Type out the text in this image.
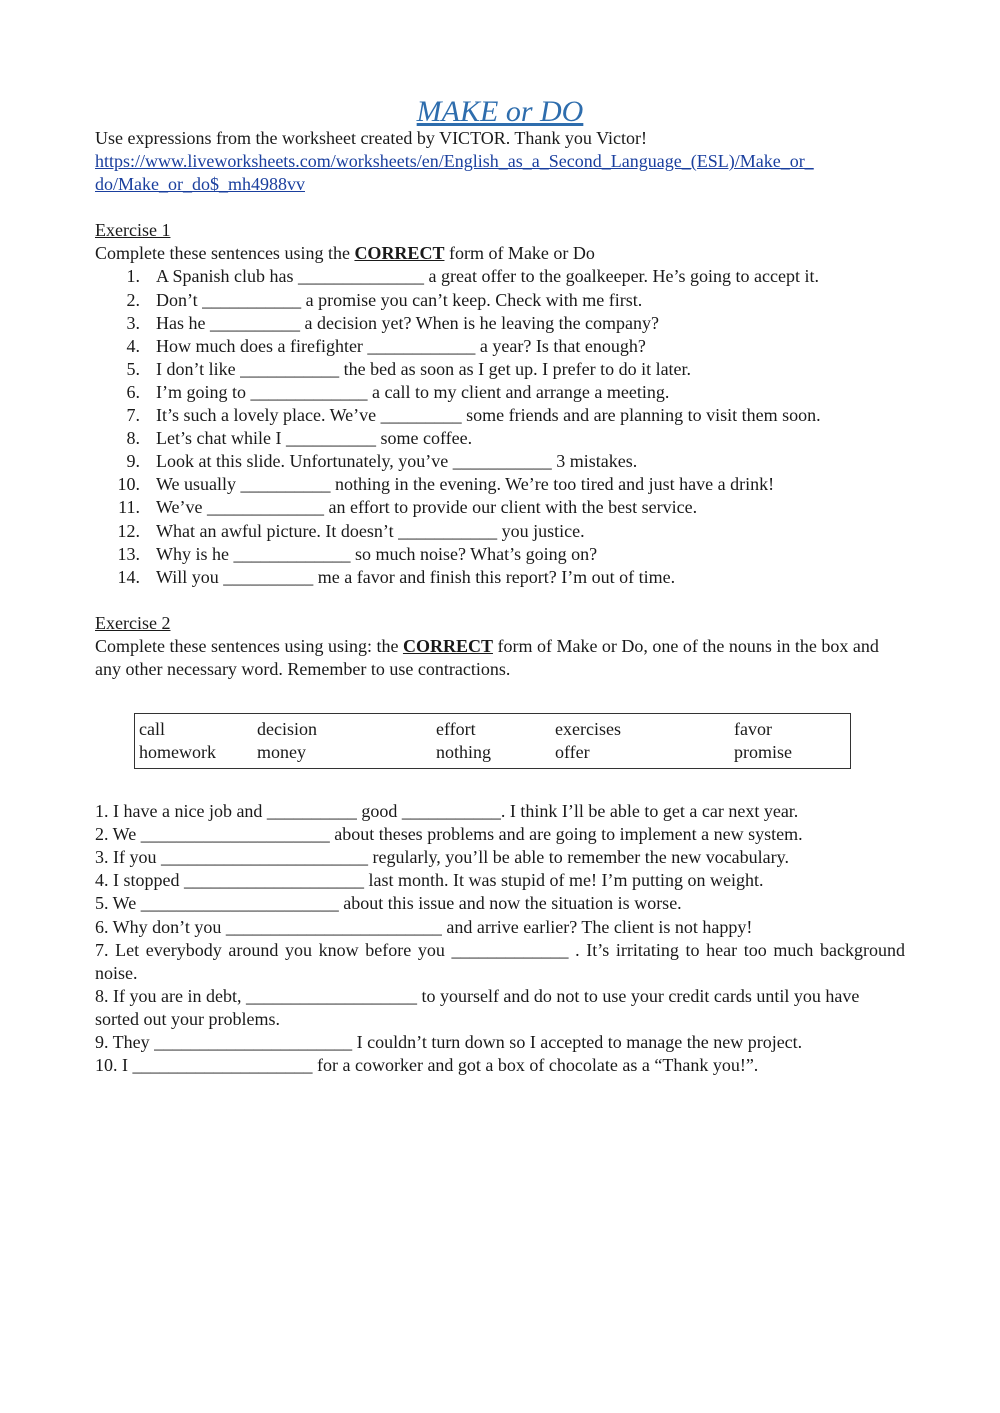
MAKE or DO
Use expressions from the worksheet created by VICTOR. Thank you Victor!
https://www.liveworksheets.com/worksheets/en/English_as_a_Second_Language_(ESL)/Make_or_
do/Make_or_do$_mh4988vv
Exercise 1
Complete these sentences using the CORRECT form of Make or Do
1. A Spanish club has ______________ a great offer to the goalkeeper. He’s going to accept it.
2. Don’t ___________ a promise you can’t keep. Check with me first.
3. Has he __________ a decision yet? When is he leaving the company?
4. How much does a firefighter ____________ a year? Is that enough?
5. I don’t like ___________ the bed as soon as I get up. I prefer to do it later.
6. I’m going to _____________ a call to my client and arrange a meeting.
7. It’s such a lovely place. We’ve _________ some friends and are planning to visit them soon.
8. Let’s chat while I __________ some coffee.
9. Look at this slide. Unfortunately, you’ve ___________ 3 mistakes.
10. We usually __________ nothing in the evening. We’re too tired and just have a drink!
11. We’ve _____________ an effort to provide our client with the best service.
12. What an awful picture. It doesn’t ___________ you justice.
13. Why is he _____________ so much noise? What’s going on?
14. Will you __________ me a favor and finish this report? I’m out of time.
Exercise 2
Complete these sentences using using: the CORRECT form of Make or Do, one of the nouns in the box and any other necessary word. Remember to use contractions.
call	decision	effort	exercises	favor
homework	money	nothing	offer	promise

1. I have a nice job and __________ good ___________. I think I’ll be able to get a car next year.

2. We _____________________ about theses problems and are going to implement a new system.

3. If you _______________________ regularly, you’ll be able to remember the new vocabulary.

4. I stopped ____________________ last month. It was stupid of me! I’m putting on weight.

5. We ______________________ about this issue and now the situation is worse.

6. Why don’t you ________________________ and arrive earlier? The client is not happy!

7. Let everybody around you know before you _____________ . It’s irritating to hear too much background noise.

8. If you are in debt, ___________________ to yourself and do not to use your credit cards until you have sorted out your problems.

9. They ______________________ I couldn’t turn down so I accepted to manage the new project.

10. I ____________________ for a coworker and got a box of chocolate as a “Thank you!”.
